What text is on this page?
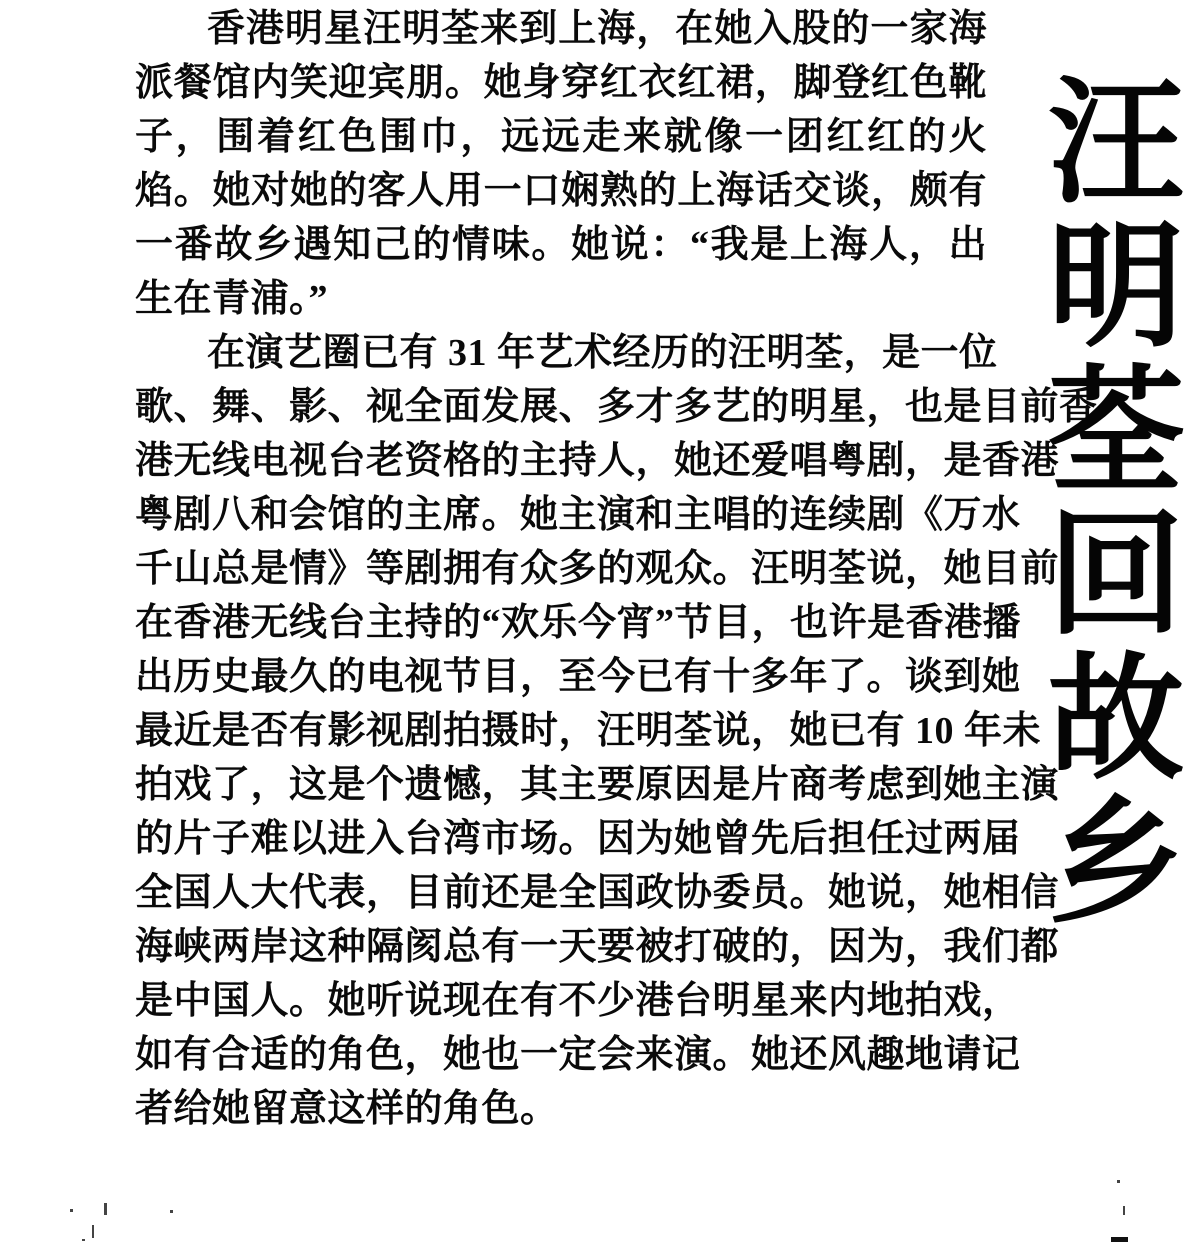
香港明星汪明荃来到上海，在她入股的一家海
派餐馆内笑迎宾朋。她身穿红衣红裙，脚登红色靴
子，围着红色围巾，远远走来就像一团红红的火
焰。她对她的客人用一口娴熟的上海话交谈，颇有
一番故乡遇知己的情味。她说：“我是上海人，出
生在青浦。”
在演艺圈已有 31 年艺术经历的汪明荃，是一位
歌、舞、影、视全面发展、多才多艺的明星，也是目前香
港无线电视台老资格的主持人，她还爱唱粤剧，是香港
粤剧八和会馆的主席。她主演和主唱的连续剧《万水
千山总是情》等剧拥有众多的观众。汪明荃说，她目前
在香港无线台主持的“欢乐今宵”节目，也许是香港播
出历史最久的电视节目，至今已有十多年了。谈到她
最近是否有影视剧拍摄时，汪明荃说，她已有 10 年未
拍戏了，这是个遗憾，其主要原因是片商考虑到她主演
的片子难以进入台湾市场。因为她曾先后担任过两届
全国人大代表，目前还是全国政协委员。她说，她相信
海峡两岸这种隔阂总有一天要被打破的，因为，我们都
是中国人。她听说现在有不少港台明星来内地拍戏，
如有合适的角色，她也一定会来演。她还风趣地请记
者给她留意这样的角色。
汪明荃回故乡
